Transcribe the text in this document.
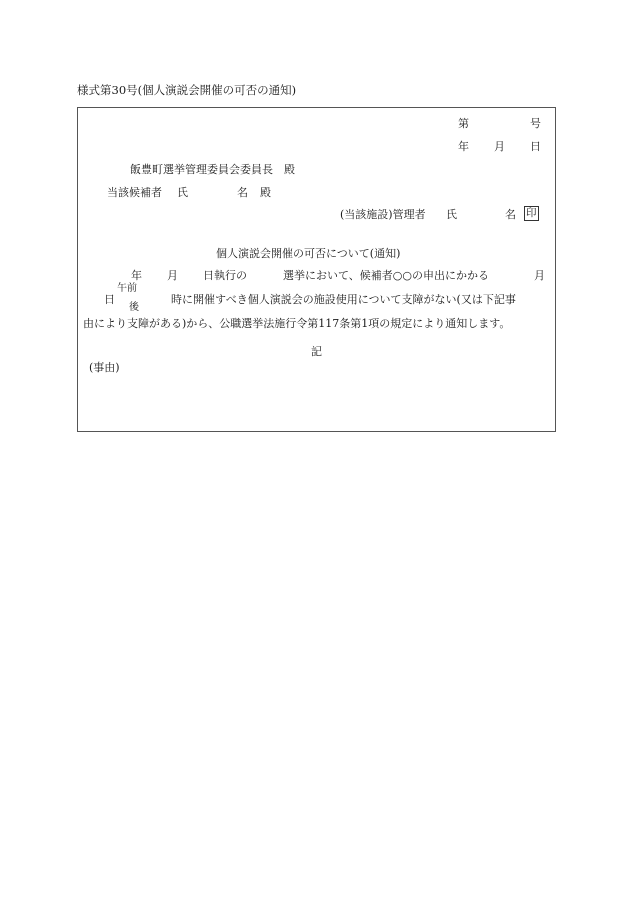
様式第30号(個人演説会開催の可否の通知)
第	号
年 月 日
飯豊町選挙管理委員会委員長　殿
当該候補者 氏	名 殿
(当該施設)管理者 氏	名 印
個人演説会開催の可否について(通知)
年 月 日執行の	選挙において、候補者○○の申出にかかる	月
日
午前
後
時に開催すべき個人演説会の施設使用について支障がない(又は下記事
由により支障がある)から、公職選挙法施行令第117条第1項の規定により通知します。
記
(事由)
